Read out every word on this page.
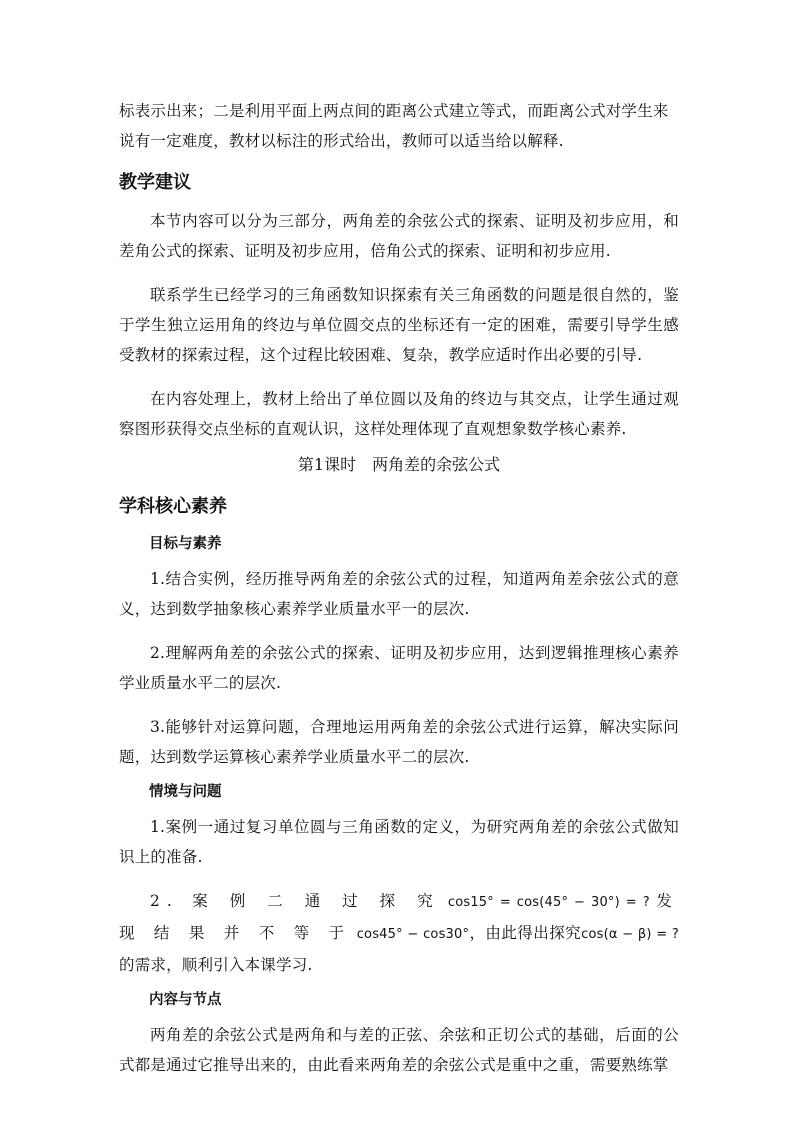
标表示出来；二是利用平面上两点间的距离公式建立等式，而距离公式对学生来

说有一定难度，教材以标注的形式给出，教师可以适当给以解释.

教学建议

本节内容可以分为三部分，两角差的余弦公式的探索、证明及初步应用，和差角公式的探索、证明及初步应用，倍角公式的探索、证明和初步应用.

联系学生已经学习的三角函数知识探索有关三角函数的问题是很自然的，鉴于学生独立运用角的终边与单位圆交点的坐标还有一定的困难，需要引导学生感受教材的探索过程，这个过程比较困难、复杂，教学应适时作出必要的引导.

在内容处理上，教材上给出了单位圆以及角的终边与其交点，让学生通过观察图形获得交点坐标的直观认识，这样处理体现了直观想象数学核心素养.

第1课时　两角差的余弦公式
学科核心素养
目标与素养

1.结合实例，经历推导两角差的余弦公式的过程，知道两角差余弦公式的意义，达到数学抽象核心素养学业质量水平一的层次.

2.理解两角差的余弦公式的探索、证明及初步应用，达到逻辑推理核心素养学业质量水平二的层次.

3.能够针对运算问题，合理地运用两角差的余弦公式进行运算，解决实际问题，达到数学运算核心素养学业质量水平二的层次.

情境与问题

1.案例一通过复习单位圆与三角函数的定义，为研究两角差的余弦公式做知识上的准备.

2. 案 例 二 通 过 探 究 cos15° = cos(45° − 30°) = ? 发 现 结 果 并 不 等 于 cos45° − cos30°，由此得出探究cos(α − β) = ?的需求，顺利引入本课学习.

内容与节点

两角差的余弦公式是两角和与差的正弦、余弦和正切公式的基础，后面的公式都是通过它推导出来的，由此看来两角差的余弦公式是重中之重，需要熟练掌
